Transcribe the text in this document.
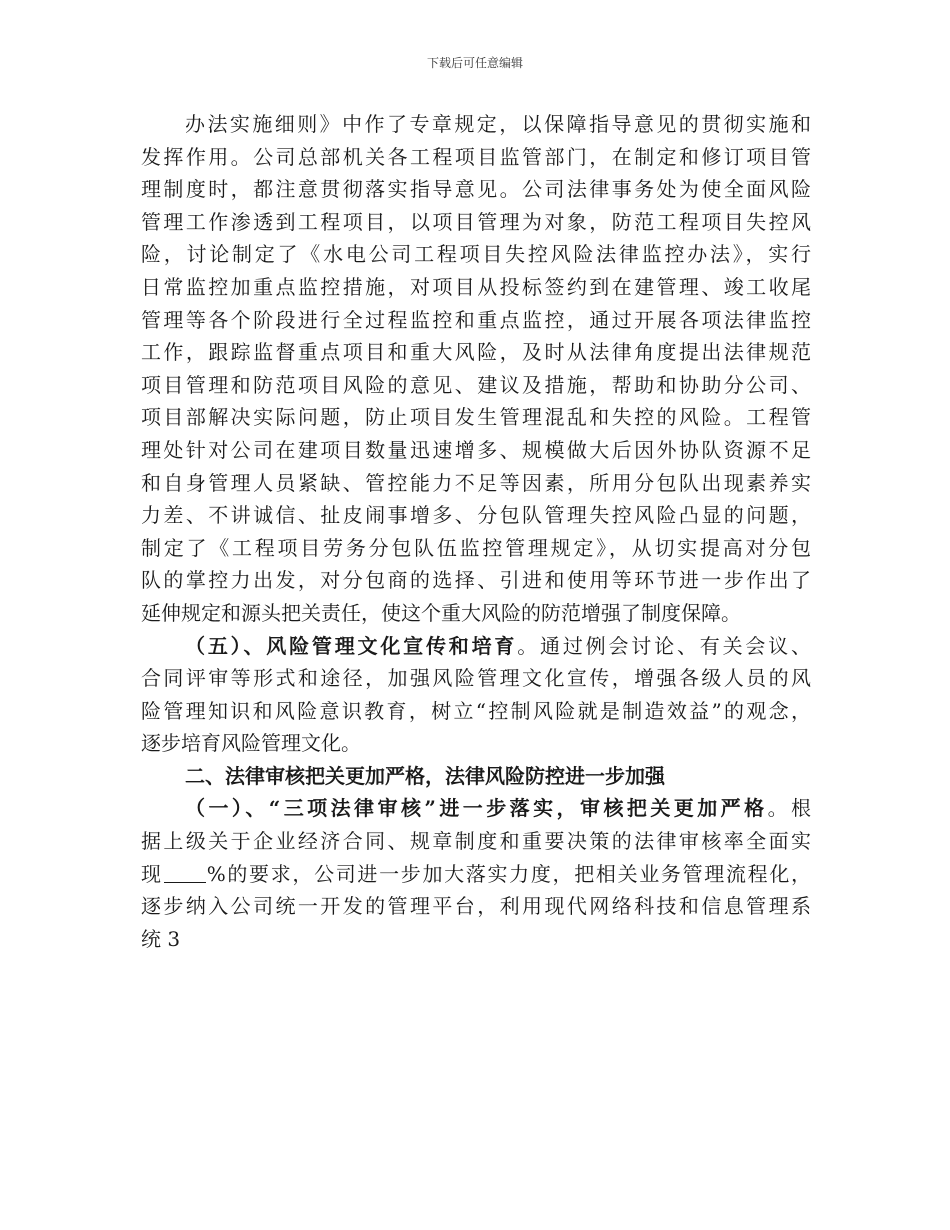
下载后可任意编辑
办法实施细则》中作了专章规定，以保障指导意见的贯彻实施和
发挥作用。公司总部机关各工程项目监管部门，在制定和修订项目管
理制度时，都注意贯彻落实指导意见。公司法律事务处为使全面风险
管理工作渗透到工程项目，以项目管理为对象，防范工程项目失控风
险，讨论制定了《水电公司工程项目失控风险法律监控办法》，实行
日常监控加重点监控措施，对项目从投标签约到在建管理、竣工收尾
管理等各个阶段进行全过程监控和重点监控，通过开展各项法律监控
工作，跟踪监督重点项目和重大风险，及时从法律角度提出法律规范
项目管理和防范项目风险的意见、建议及措施，帮助和协助分公司、
项目部解决实际问题，防止项目发生管理混乱和失控的风险。工程管
理处针对公司在建项目数量迅速增多、规模做大后因外协队资源不足
和自身管理人员紧缺、管控能力不足等因素，所用分包队出现素养实
力差、不讲诚信、扯皮闹事增多、分包队管理失控风险凸显的问题，
制定了《工程项目劳务分包队伍监控管理规定》，从切实提高对分包
队的掌控力出发，对分包商的选择、引进和使用等环节进一步作出了
延伸规定和源头把关责任，使这个重大风险的防范增强了制度保障。
（五）、风险管理文化宣传和培育。通过例会讨论、有关会议、
合同评审等形式和途径，加强风险管理文化宣传，增强各级人员的风
险管理知识和风险意识教育，树立“控制风险就是制造效益”的观念，
逐步培育风险管理文化。
二、法律审核把关更加严格，法律风险防控进一步加强
（一）、“三项法律审核”进一步落实，审核把关更加严格。根
据上级关于企业经济合同、规章制度和重要决策的法律审核率全面实
现 %的要求，公司进一步加大落实力度，把相关业务管理流程化，
逐步纳入公司统一开发的管理平台，利用现代网络科技和信息管理系
统 3
